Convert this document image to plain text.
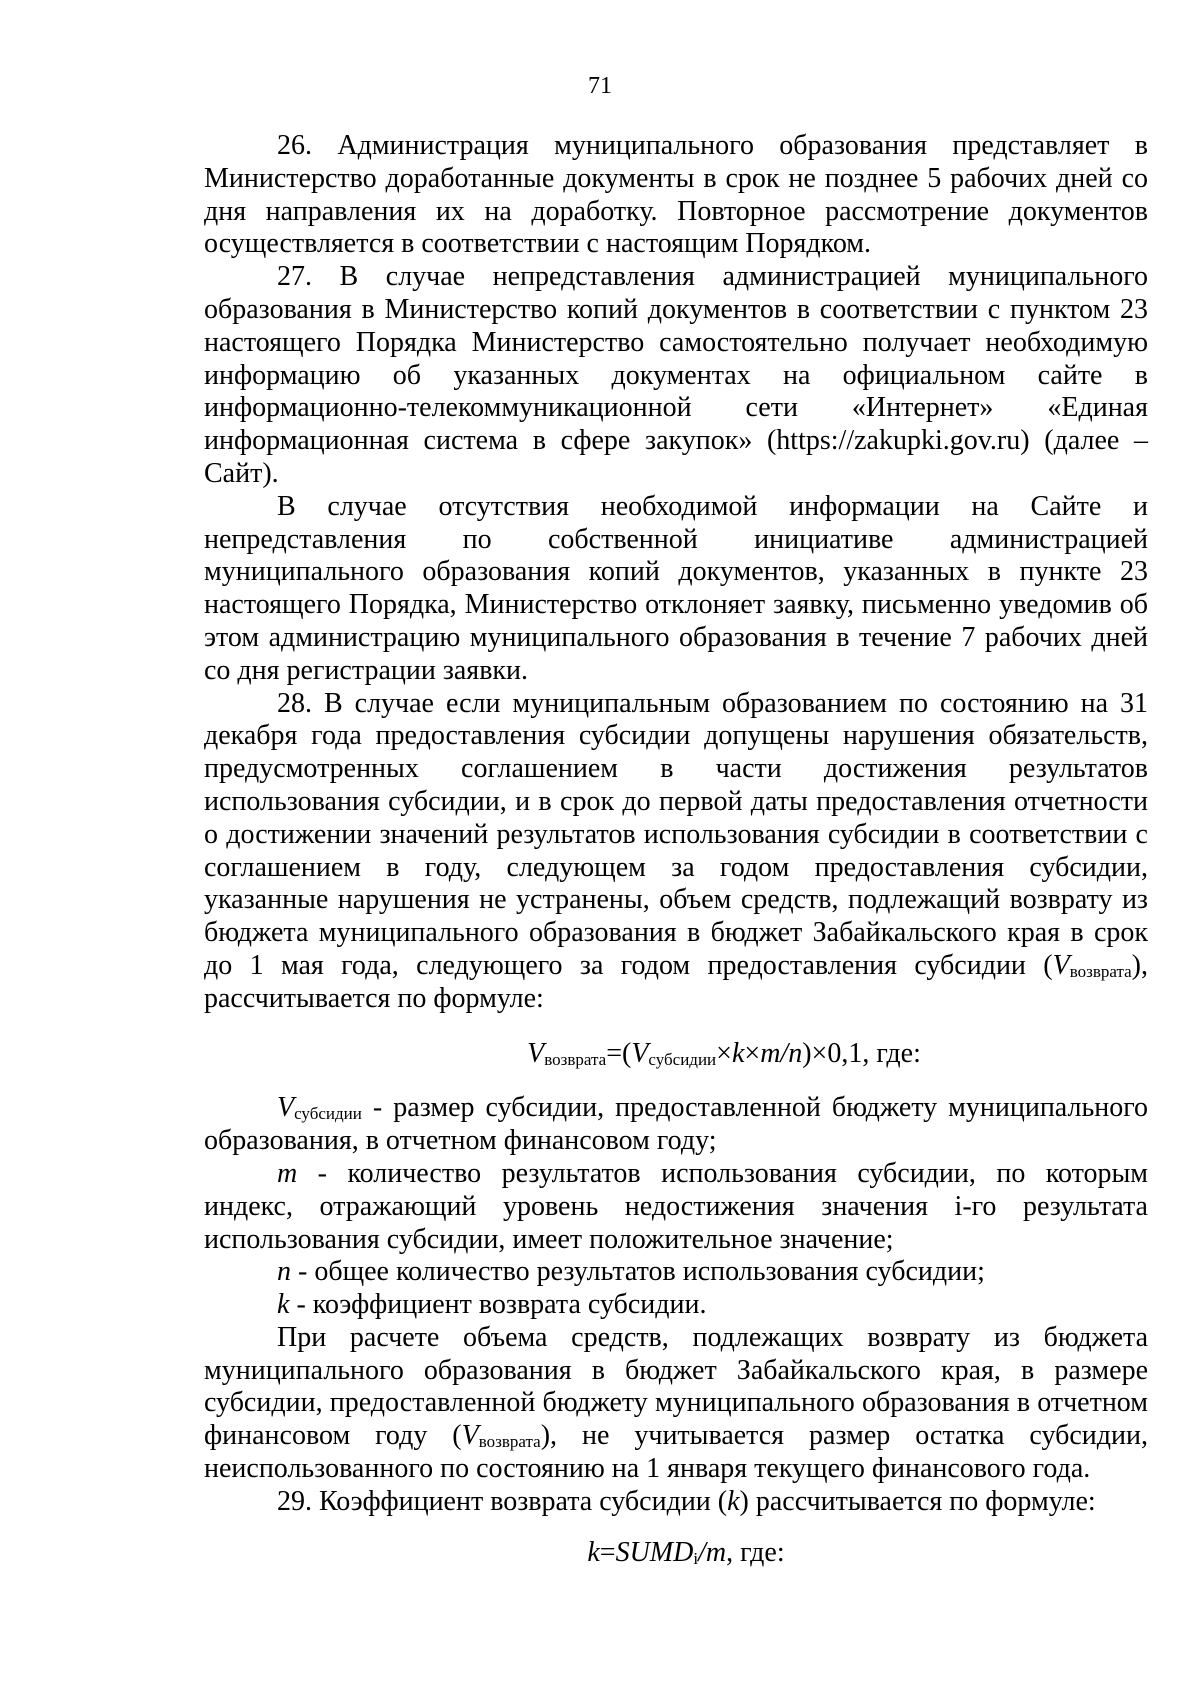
71

26. Администрация муниципального образования представляет в Министерство доработанные документы в срок не позднее 5 рабочих дней со дня направления их на доработку. Повторное рассмотрение документов осуществляется в соответствии с настоящим Порядком.

27. В случае непредставления администрацией муниципального образования в Министерство копий документов в соответствии с пунктом 23 настоящего Порядка Министерство самостоятельно получает необходимую информацию об указанных документах на официальном сайте в информационно-телекоммуникационной сети «Интернет» «Единая информационная система в сфере закупок» (https://zakupki.gov.ru) (далее – Сайт).

В случае отсутствия необходимой информации на Сайте и непредставления по собственной инициативе администрацией муниципального образования копий документов, указанных в пункте 23 настоящего Порядка, Министерство отклоняет заявку, письменно уведомив об этом администрацию муниципального образования в течение 7 рабочих дней со дня регистрации заявки.

28. В случае если муниципальным образованием по состоянию на 31 декабря года предоставления субсидии допущены нарушения обязательств, предусмотренных соглашением в части достижения результатов использования субсидии, и в срок до первой даты предоставления отчетности о достижении значений результатов использования субсидии в соответствии с соглашением в году, следующем за годом предоставления субсидии, указанные нарушения не устранены, объем средств, подлежащий возврату из бюджета муниципального образования в бюджет Забайкальского края в срок до 1 мая года, следующего за годом предоставления субсидии $(V_{возврата})$, рассчитывается по формуле:

$V_{возврата}=(V_{субсидии}\times k\times m/n)\times 0,1$, где:

$V_{субсидии}$ - размер субсидии, предоставленной бюджету муниципального образования, в отчетном финансовом году;

m - количество результатов использования субсидии, по которым индекс, отражающий уровень недостижения значения i-го результата использования субсидии, имеет положительное значение;

n - общее количество результатов использования субсидии;

k - коэффициент возврата субсидии.

При расчете объема средств, подлежащих возврату из бюджета муниципального образования в бюджет Забайкальского края, в размере субсидии, предоставленной бюджету муниципального образования в отчетном финансовом году $(V_{возврата})$, не учитывается размер остатка субсидии, неиспользованного по состоянию на 1 января текущего финансового года.

29. Коэффициент возврата субсидии (k) рассчитывается по формуле:

$k=SUMD_i/m$, где:
